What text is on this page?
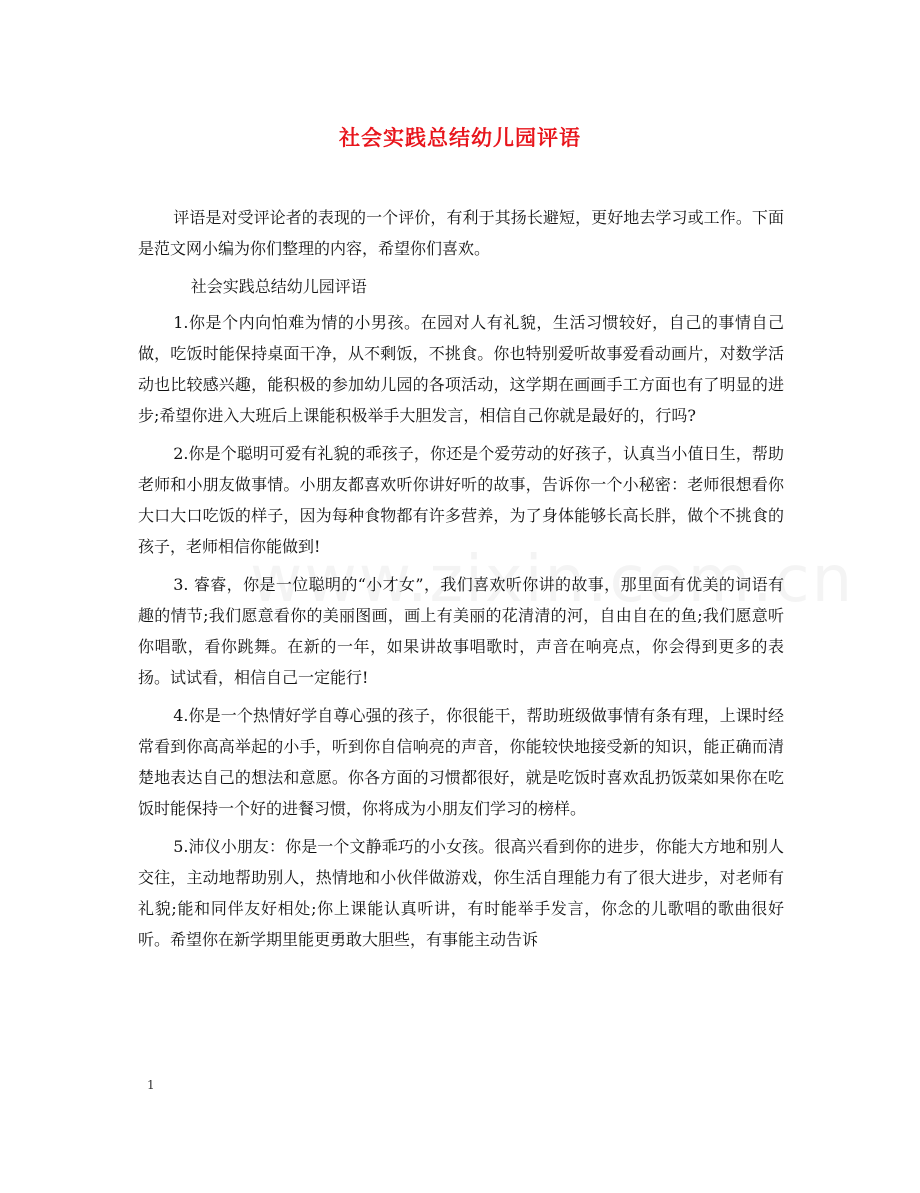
社会实践总结幼儿园评语

评语是对受评论者的表现的一个评价，有利于其扬长避短，更好地去学习或工作。下面是范文网小编为你们整理的内容，希望你们喜欢。

社会实践总结幼儿园评语

1.你是个内向怕难为情的小男孩。在园对人有礼貌，生活习惯较好，自己的事情自己做，吃饭时能保持桌面干净，从不剩饭，不挑食。你也特别爱听故事爱看动画片，对数学活动也比较感兴趣，能积极的参加幼儿园的各项活动，这学期在画画手工方面也有了明显的进步;希望你进入大班后上课能积极举手大胆发言，相信自己你就是最好的，行吗?

2.你是个聪明可爱有礼貌的乖孩子，你还是个爱劳动的好孩子，认真当小值日生，帮助老师和小朋友做事情。小朋友都喜欢听你讲好听的故事，告诉你一个小秘密：老师很想看你大口大口吃饭的样子，因为每种食物都有许多营养，为了身体能够长高长胖，做个不挑食的孩子，老师相信你能做到!

3. 睿睿，你是一位聪明的“小才女”，我们喜欢听你讲的故事，那里面有优美的词语有趣的情节;我们愿意看你的美丽图画，画上有美丽的花清清的河，自由自在的鱼;我们愿意听你唱歌，看你跳舞。在新的一年，如果讲故事唱歌时，声音在响亮点，你会得到更多的表扬。试试看，相信自己一定能行!

4.你是一个热情好学自尊心强的孩子，你很能干，帮助班级做事情有条有理，上课时经常看到你高高举起的小手，听到你自信响亮的声音，你能较快地接受新的知识，能正确而清楚地表达自己的想法和意愿。你各方面的习惯都很好，就是吃饭时喜欢乱扔饭菜如果你在吃饭时能保持一个好的进餐习惯，你将成为小朋友们学习的榜样。

5.沛仪小朋友：你是一个文静乖巧的小女孩。很高兴看到你的进步，你能大方地和别人交往，主动地帮助别人，热情地和小伙伴做游戏，你生活自理能力有了很大进步，对老师有礼貌;能和同伴友好相处;你上课能认真听讲，有时能举手发言，你念的儿歌唱的歌曲很好听。希望你在新学期里能更勇敢大胆些，有事能主动告诉

1
